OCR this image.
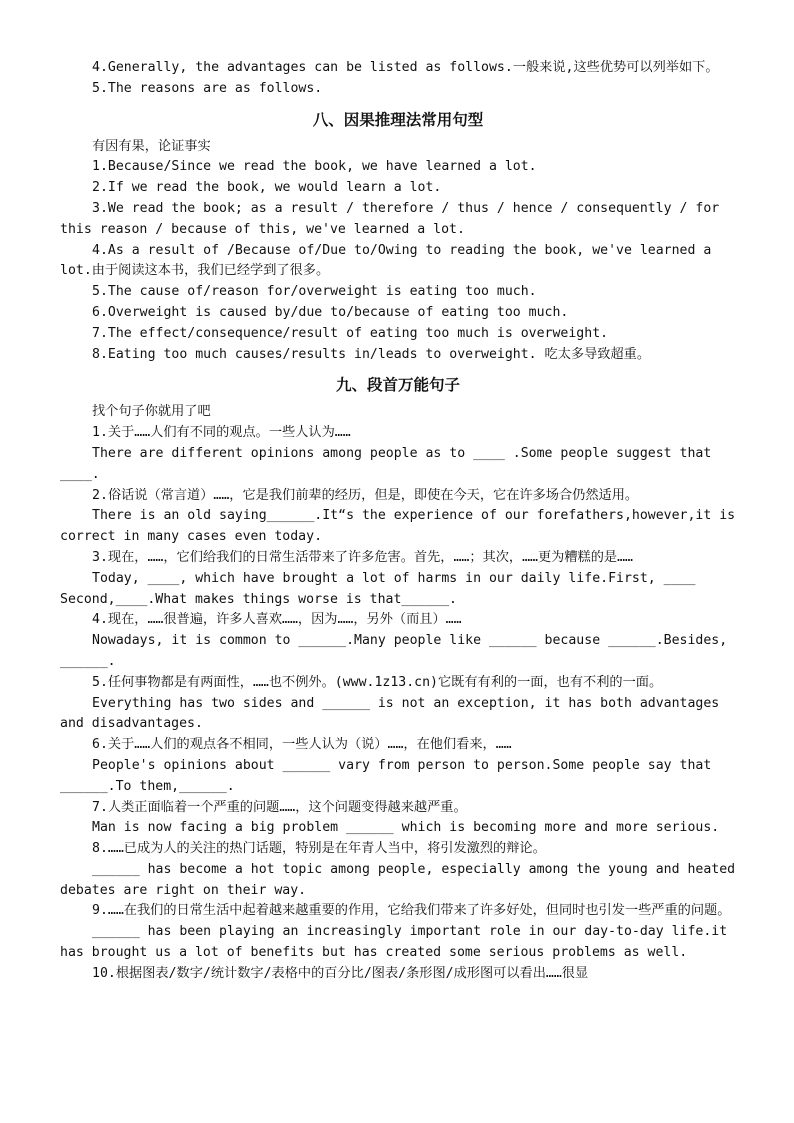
4.Generally, the advantages can be listed as follows.一般来说,这些优势可以列举如下。

5.The reasons are as follows.

八、因果推理法常用句型

有因有果，论证事实

1.Because/Since we read the book, we have learned a lot.

2.If we read the book, we would learn a lot.

3.We read the book; as a result / therefore / thus / hence / consequently / for this reason / because of this, we've learned a lot.

4.As a result of /Because of/Due to/Owing to reading the book, we've learned a lot.由于阅读这本书，我们已经学到了很多。

5.The cause of/reason for/overweight is eating too much.

6.Overweight is caused by/due to/because of eating too much.

7.The effect/consequence/result of eating too much is overweight.

8.Eating too much causes/results in/leads to overweight. 吃太多导致超重。

九、段首万能句子

找个句子你就用了吧

1.关于……人们有不同的观点。一些人认为……

There are different opinions among people as to ____ .Some people suggest that ____.

2.俗话说（常言道）……，它是我们前辈的经历，但是，即使在今天，它在许多场合仍然适用。

There is an old saying______.It“s the experience of our forefathers,however,it is correct in many cases even today.

3.现在，……，它们给我们的日常生活带来了许多危害。首先，……；其次，……更为糟糕的是……

Today, ____, which have brought a lot of harms in our daily life.First, ____ Second,____.What makes things worse is that______.

4.现在，……很普遍，许多人喜欢……，因为……，另外（而且）……

Nowadays, it is common to ______.Many people like ______ because ______.Besides, ______.

5.任何事物都是有两面性，……也不例外。(www.1z13.cn)它既有有利的一面，也有不利的一面。

Everything has two sides and ______ is not an exception, it has both advantages and disadvantages.

6.关于……人们的观点各不相同，一些人认为（说）……，在他们看来，……

People's opinions about ______ vary from person to person.Some people say that ______.To them,______.

7.人类正面临着一个严重的问题……，这个问题变得越来越严重。

Man is now facing a big problem ______ which is becoming more and more serious.

8.……已成为人的关注的热门话题，特别是在年青人当中，将引发激烈的辩论。

______ has become a hot topic among people, especially among the young and heated debates are right on their way.

9.……在我们的日常生活中起着越来越重要的作用，它给我们带来了许多好处，但同时也引发一些严重的问题。

______ has been playing an increasingly important role in our day-to-day life.it has brought us a lot of benefits but has created some serious problems as well.

10.根据图表/数字/统计数字/表格中的百分比/图表/条形图/成形图可以看出……很显
